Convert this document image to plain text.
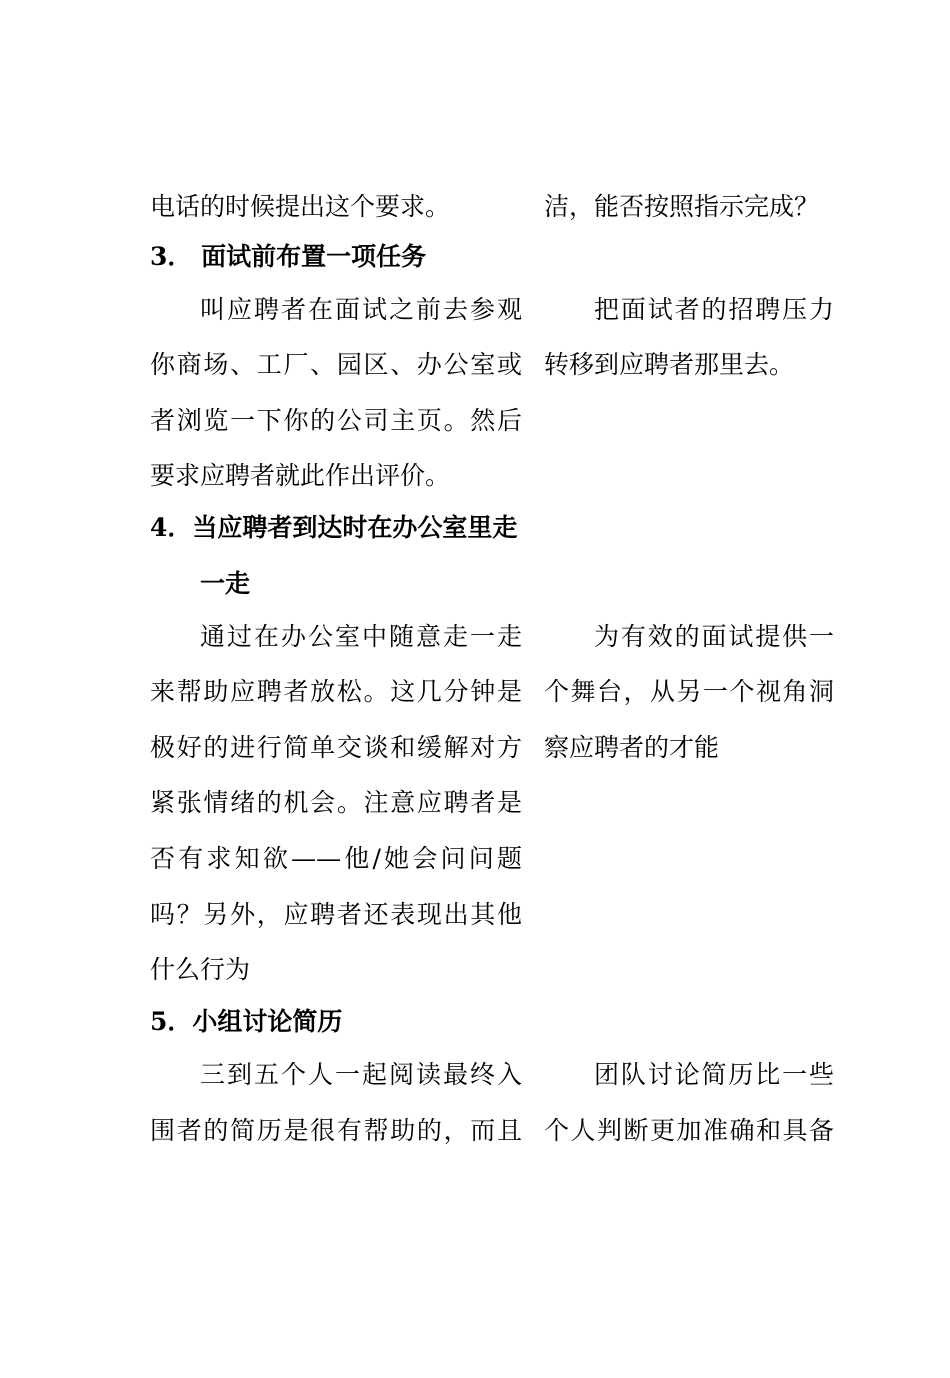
电话的时候提出这个要求。

3． 面试前布置一项任务

叫应聘者在面试之前去参观

你商场、工厂、园区、办公室或

者浏览一下你的公司主页。然后

要求应聘者就此作出评价。

4．当应聘者到达时在办公室里走

一走

通过在办公室中随意走一走

来帮助应聘者放松。这几分钟是

极好的进行简单交谈和缓解对方

紧张情绪的机会。注意应聘者是

否有求知欲——他/她会问问题

吗？另外，应聘者还表现出其他

什么行为

5．小组讨论简历

三到五个人一起阅读最终入

围者的简历是很有帮助的，而且

洁，能否按照指示完成？

把面试者的招聘压力

转移到应聘者那里去。

为有效的面试提供一

个舞台，从另一个视角洞

察应聘者的才能

团队讨论简历比一些

个人判断更加准确和具备
